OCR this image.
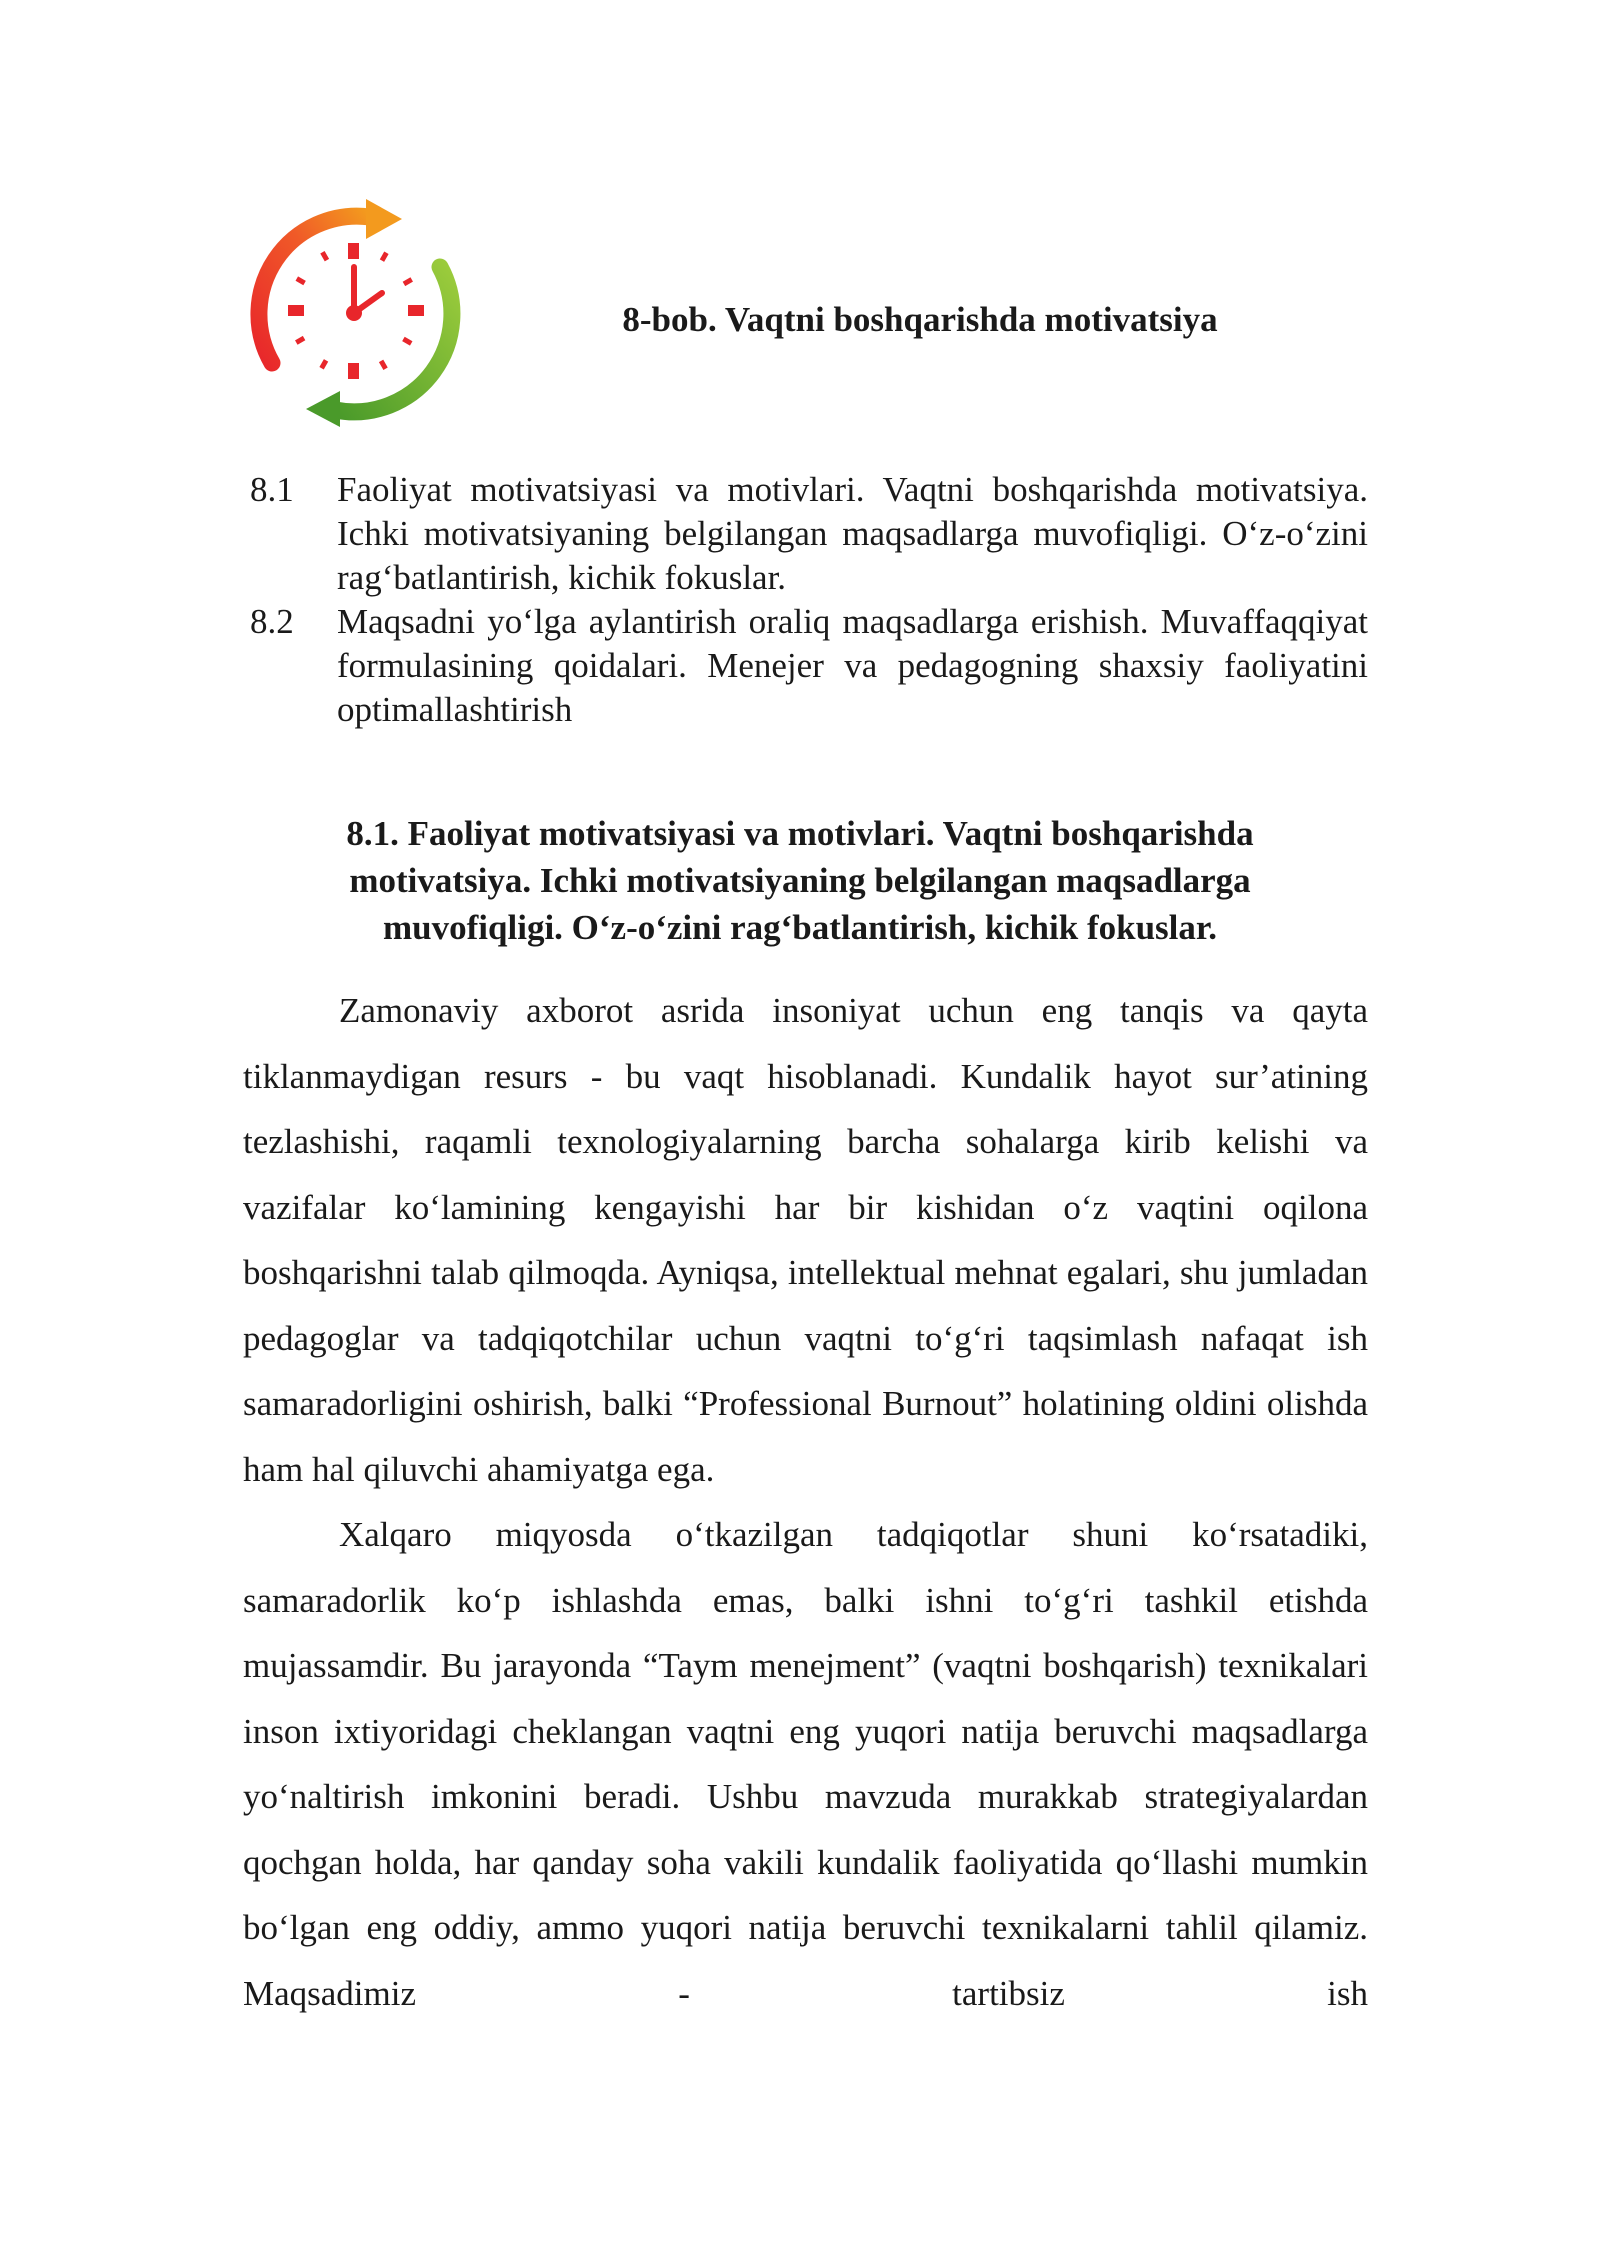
8-bob. Vaqtni boshqarishda motivatsiya
8.1 Faoliyat motivatsiyasi va motivlari. Vaqtni boshqarishda motivatsiya. Ichki motivatsiyaning belgilangan maqsadlarga muvofiqligi. O‘z-o‘zini rag‘batlantirish, kichik fokuslar.
8.2 Maqsadni yo‘lga aylantirish oraliq maqsadlarga erishish. Muvaffaqqiyat formulasining qoidalari. Menejer va pedagogning shaxsiy faoliyatini optimallashtirish
8.1. Faoliyat motivatsiyasi va motivlari. Vaqtni boshqarishda motivatsiya. Ichki motivatsiyaning belgilangan maqsadlarga muvofiqligi. O‘z-o‘zini rag‘batlantirish, kichik fokuslar.

Zamonaviy axborot asrida insoniyat uchun eng tanqis va qayta tiklanmaydigan resurs - bu vaqt hisoblanadi. Kundalik hayot sur’atining tezlashishi, raqamli texnologiyalarning barcha sohalarga kirib kelishi va vazifalar ko‘lamining kengayishi har bir kishidan o‘z vaqtini oqilona boshqarishni talab qilmoqda. Ayniqsa, intellektual mehnat egalari, shu jumladan pedagoglar va tadqiqotchilar uchun vaqtni to‘g‘ri taqsimlash nafaqat ish samaradorligini oshirish, balki “Professional Burnout” holatining oldini olishda ham hal qiluvchi ahamiyatga ega.

Xalqaro miqyosda o‘tkazilgan tadqiqotlar shuni ko‘rsatadiki, samaradorlik ko‘p ishlashda emas, balki ishni to‘g‘ri tashkil etishda mujassamdir. Bu jarayonda “Taym menejment” (vaqtni boshqarish) texnikalari inson ixtiyoridagi cheklangan vaqtni eng yuqori natija beruvchi maqsadlarga yo‘naltirish imkonini beradi. Ushbu mavzuda murakkab strategiyalardan qochgan holda, har qanday soha vakili kundalik faoliyatida qo‘llashi mumkin bo‘lgan eng oddiy, ammo yuqori natija beruvchi texnikalarni tahlil qilamiz. Maqsadimiz - tartibsiz ish
